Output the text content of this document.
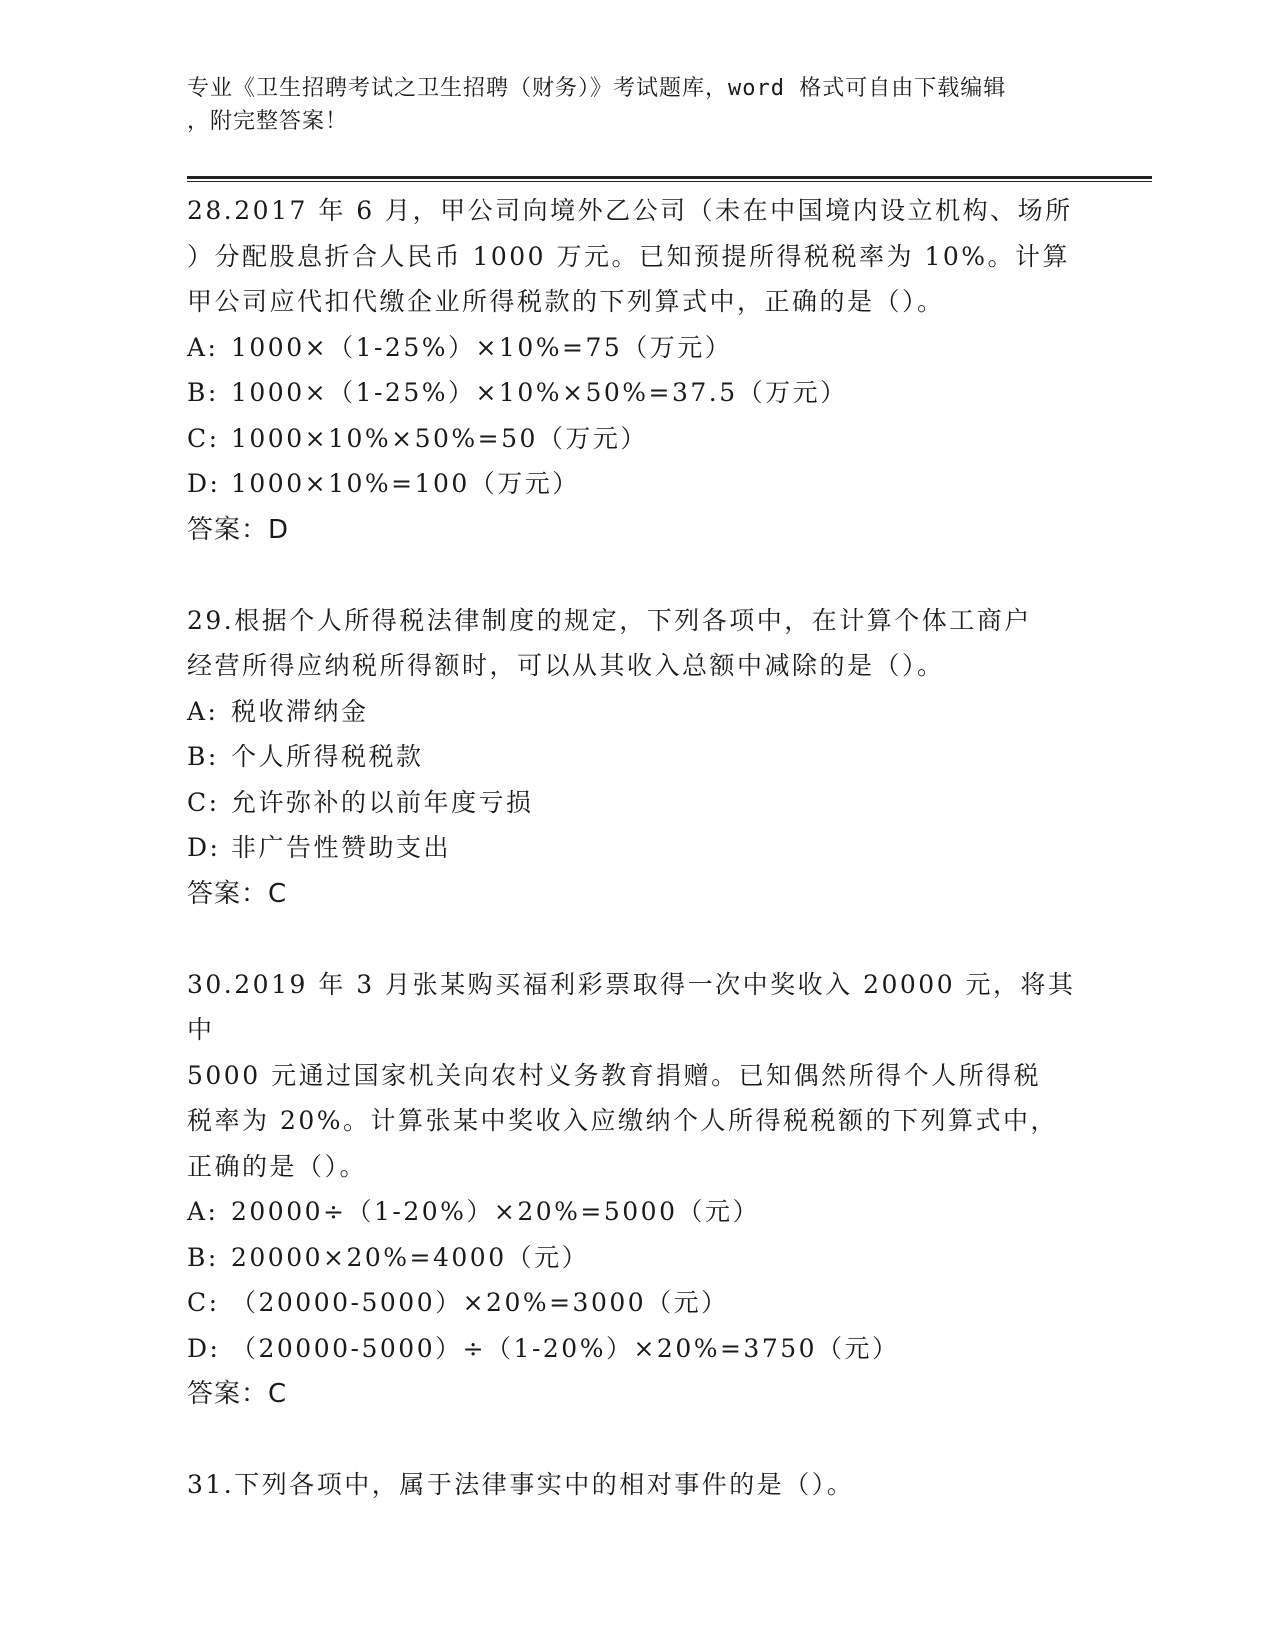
专业《卫生招聘考试之卫生招聘（财务）》考试题库，word 格式可自由下载编辑
，附完整答案！
28.2017 年 6 月，甲公司向境外乙公司（未在中国境内设立机构、场所
）分配股息折合人民币 1000 万元。已知预提所得税税率为 10%。计算
甲公司应代扣代缴企业所得税款的下列算式中，正确的是（）。
A: 1000×（1-25%）×10%=75（万元）
B: 1000×（1-25%）×10%×50%=37.5（万元）
C: 1000×10%×50%=50（万元）
D: 1000×10%=100（万元）
答案：D
29.根据个人所得税法律制度的规定，下列各项中，在计算个体工商户
经营所得应纳税所得额时，可以从其收入总额中减除的是（）。
A: 税收滞纳金
B: 个人所得税税款
C: 允许弥补的以前年度亏损
D: 非广告性赞助支出
答案：C
30.2019 年 3 月张某购买福利彩票取得一次中奖收入 20000 元，将其中
5000 元通过国家机关向农村义务教育捐赠。已知偶然所得个人所得税
税率为 20%。计算张某中奖收入应缴纳个人所得税税额的下列算式中，
正确的是（）。
A: 20000÷（1-20%）×20%=5000（元）
B: 20000×20%=4000（元）
C: （20000-5000）×20%=3000（元）
D: （20000-5000）÷（1-20%）×20%=3750（元）
答案：C
31.下列各项中，属于法律事实中的相对事件的是（）。
